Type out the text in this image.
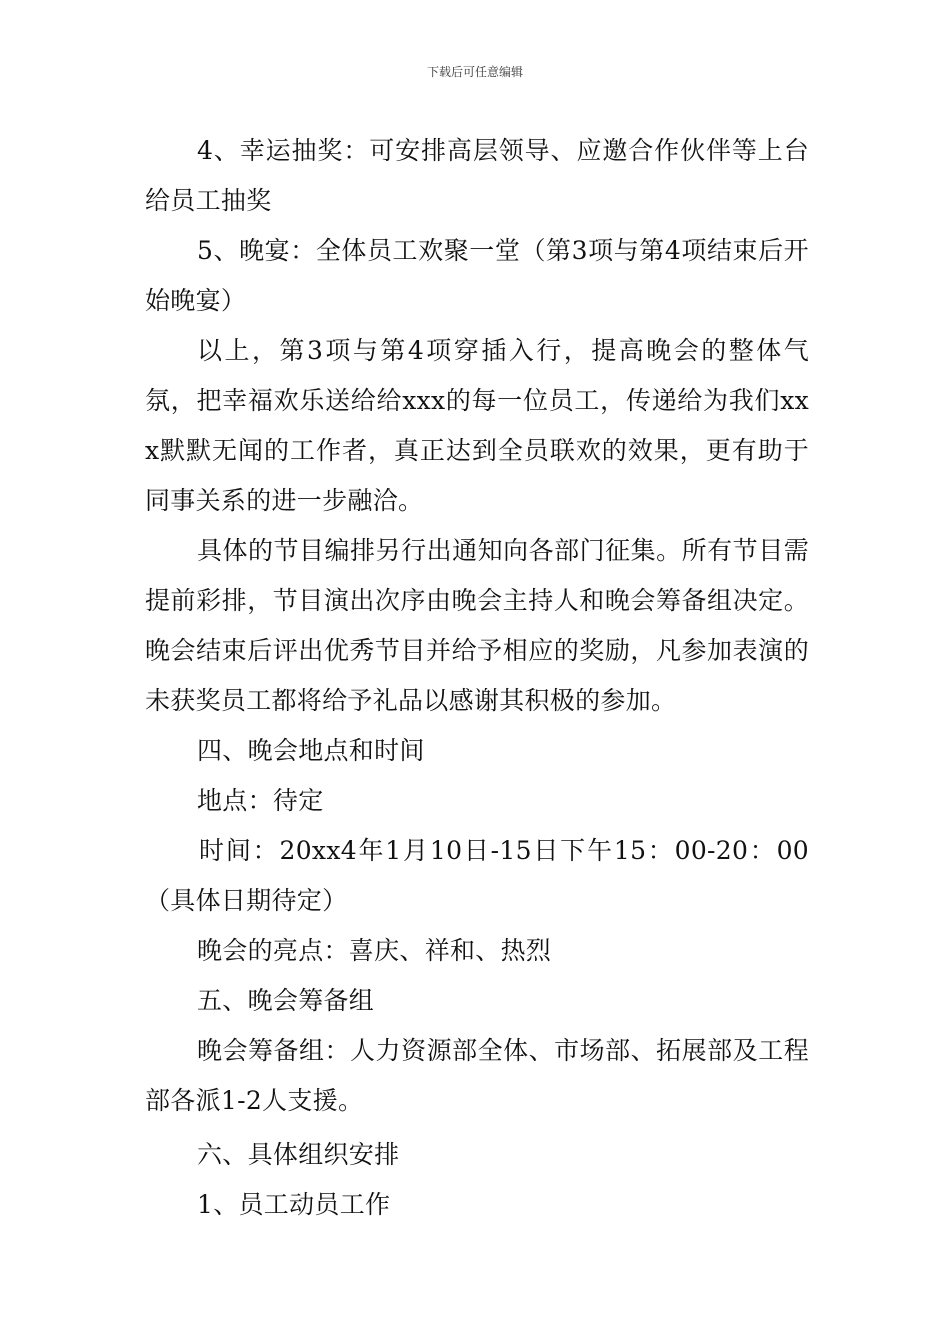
下载后可任意编辑

4、幸运抽奖：可安排高层领导、应邀合作伙伴等上台给员工抽奖

5、晚宴：全体员工欢聚一堂（第3项与第4项结束后开始晚宴）

以上，第3项与第4项穿插入行，提高晚会的整体气氛，把幸福欢乐送给给xxx的每一位员工，传递给为我们xxx默默无闻的工作者，真正达到全员联欢的效果，更有助于同事关系的进一步融洽。

具体的节目编排另行出通知向各部门征集。所有节目需提前彩排，节目演出次序由晚会主持人和晚会筹备组决定。晚会结束后评出优秀节目并给予相应的奖励，凡参加表演的未获奖员工都将给予礼品以感谢其积极的参加。

四、晚会地点和时间

地点：待定

时间：20xx4年1月10日-15日下午15：00-20：00（具体日期待定）

晚会的亮点：喜庆、祥和、热烈

五、晚会筹备组

晚会筹备组：人力资源部全体、市场部、拓展部及工程部各派1-2人支援。

六、具体组织安排

1、员工动员工作
